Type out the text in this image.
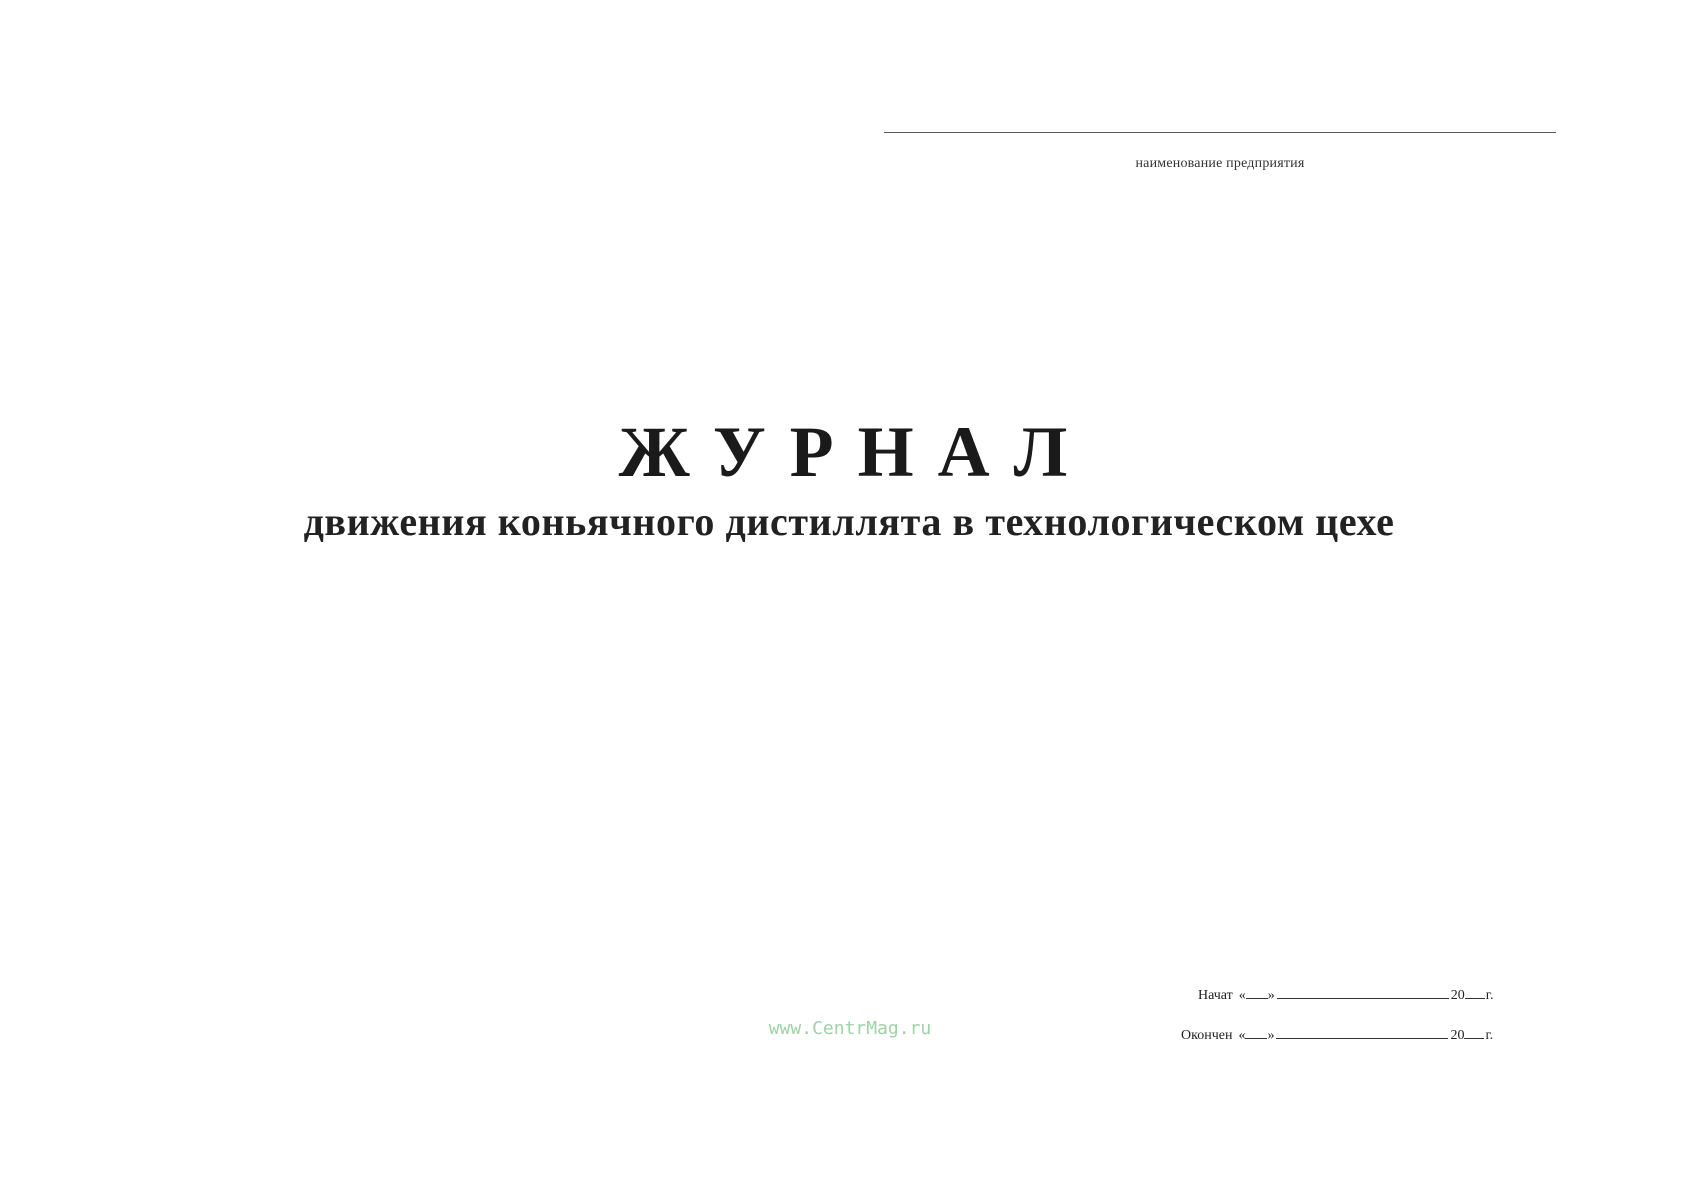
наименование предприятия
ЖУРНАЛ
движения коньячного дистиллята в технологическом цехе
www.CentrMag.ru
Начат « »	20 г.
Окончен « »	20 г.
